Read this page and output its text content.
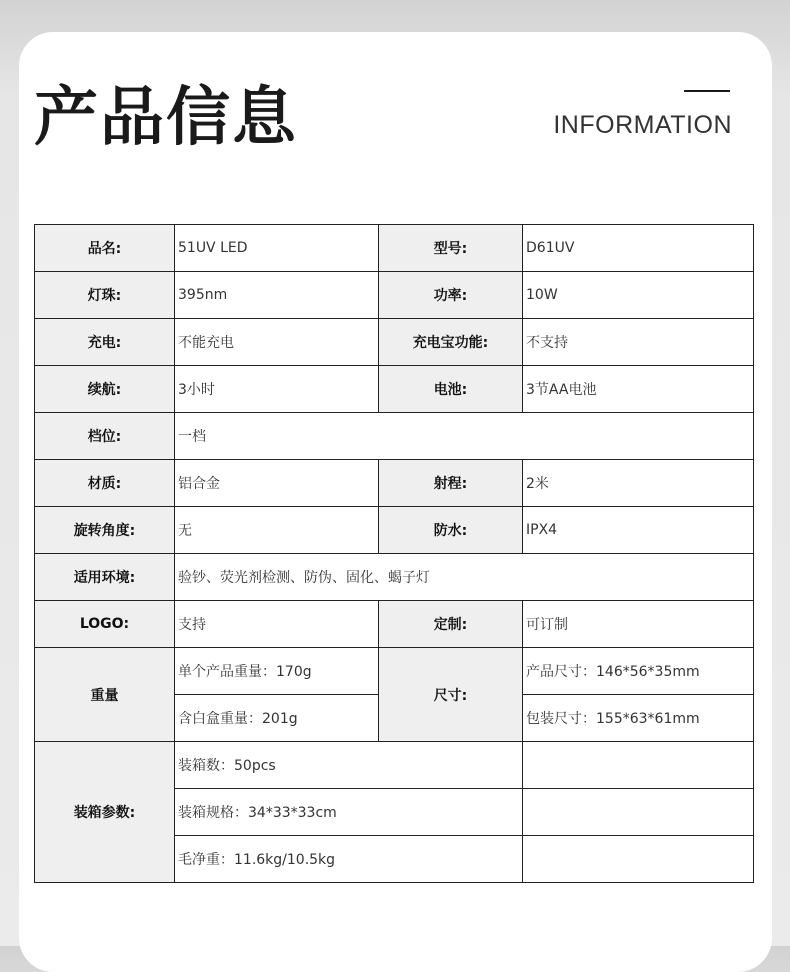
产品信息	INFORMATION
品名:	51UV LED	型号:	D61UV
灯珠:	395nm	功率:	10W
充电:	不能充电	充电宝功能:	不支持
续航:	3小时	电池:	3节AA电池
档位:	一档		
材质:	铝合金	射程:	2米
旋转角度:	无	防水:	IPX4
适用环境:	验钞、荧光剂检测、防伪、固化、蝎子灯		
LOGO:	支持	定制:	可订制
重量	单个产品重量：170g	尺寸:	产品尺寸：146*56*35mm
	含白盒重量：201g		包装尺寸：155*63*61mm
装箱参数:	装箱数：50pcs		
	装箱规格：34*33*33cm		
	毛净重：11.6kg/10.5kg		
